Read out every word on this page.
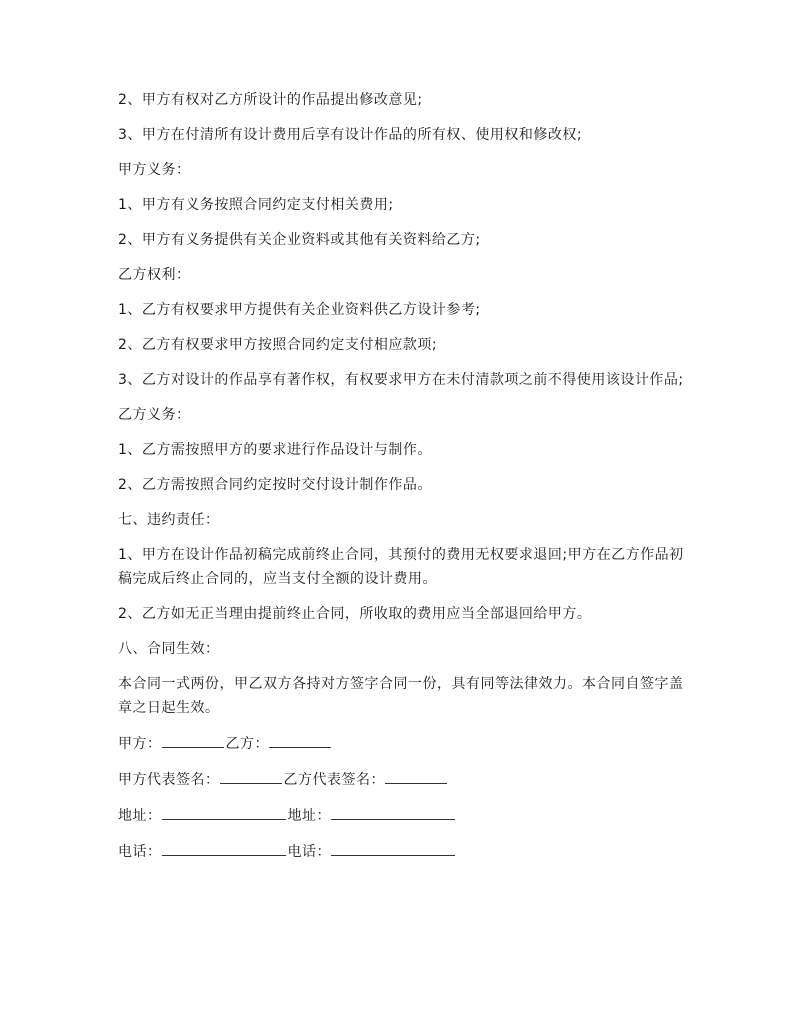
2、甲方有权对乙方所设计的作品提出修改意见;

3、甲方在付清所有设计费用后享有设计作品的所有权、使用权和修改权;

甲方义务：

1、甲方有义务按照合同约定支付相关费用;

2、甲方有义务提供有关企业资料或其他有关资料给乙方;

乙方权利：

1、乙方有权要求甲方提供有关企业资料供乙方设计参考;

2、乙方有权要求甲方按照合同约定支付相应款项;

3、乙方对设计的作品享有著作权，有权要求甲方在未付清款项之前不得使用该设计作品;

乙方义务：

1、乙方需按照甲方的要求进行作品设计与制作。

2、乙方需按照合同约定按时交付设计制作作品。

七、违约责任：

1、甲方在设计作品初稿完成前终止合同，其预付的费用无权要求退回;甲方在乙方作品初稿完成后终止合同的，应当支付全额的设计费用。

2、乙方如无正当理由提前终止合同，所收取的费用应当全部退回给甲方。

八、合同生效：

本合同一式两份，甲乙双方各持对方签字合同一份，具有同等法律效力。本合同自签字盖章之日起生效。

甲方：	乙方：
甲方代表签名：	乙方代表签名：
地址：	地址：
电话：	电话：
